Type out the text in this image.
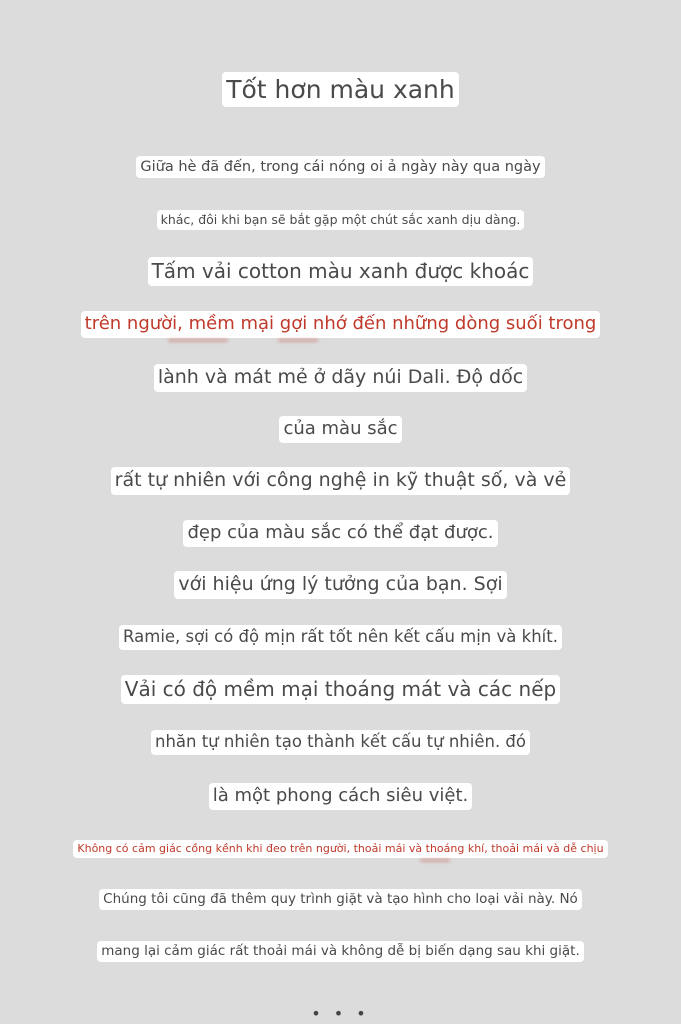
Tốt hơn màu xanh
Giữa hè đã đến, trong cái nóng oi ả ngày này qua ngày
khác, đôi khi bạn sẽ bắt gặp một chút sắc xanh dịu dàng.
Tấm vải cotton màu xanh được khoác
trên người, mềm mại gợi nhớ đến những dòng suối trong
lành và mát mẻ ở dãy núi Dali. Độ dốc
của màu sắc
rất tự nhiên với công nghệ in kỹ thuật số, và vẻ
đẹp của màu sắc có thể đạt được.
với hiệu ứng lý tưởng của bạn. Sợi
Ramie, sợi có độ mịn rất tốt nên kết cấu mịn và khít.
Vải có độ mềm mại thoáng mát và các nếp
nhăn tự nhiên tạo thành kết cấu tự nhiên. đó
là một phong cách siêu việt.
Không có cảm giác cồng kềnh khi đeo trên người, thoải mái và thoáng khí, thoải mái và dễ chịu
Chúng tôi cũng đã thêm quy trình giặt và tạo hình cho loại vải này. Nó
mang lại cảm giác rất thoải mái và không dễ bị biến dạng sau khi giặt.
• • •
